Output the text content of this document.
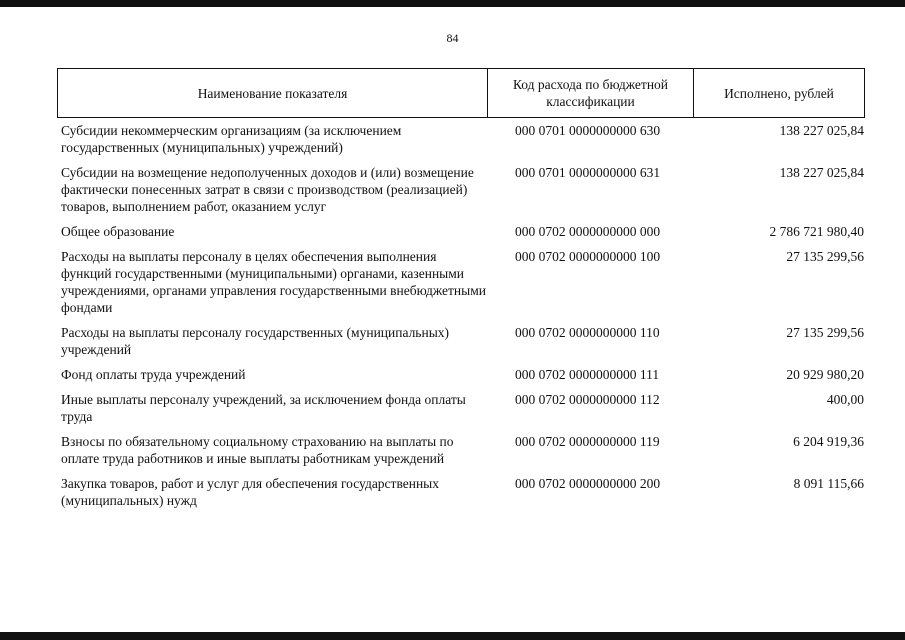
84
Наименование показателя
Код расхода по бюджетной классификации
Исполнено, рублей
Субсидии некоммерческим организациям (за исключением государственных (муниципальных) учреждений)
000 0701 0000000000 630	138 227 025,84
Субсидии на возмещение недополученных доходов и (или) возмещение фактически понесенных затрат в связи с производством (реализацией) товаров, выполнением работ, оказанием услуг
000 0701 0000000000 631	138 227 025,84
Общее образование	000 0702 0000000000 000	2 786 721 980,40
Расходы на выплаты персоналу в целях обеспечения выполнения функций государственными (муниципальными) органами, казенными учреждениями, органами управления государственными внебюджетными фондами
000 0702 0000000000 100	27 135 299,56
Расходы на выплаты персоналу государственных (муниципальных) учреждений
000 0702 0000000000 110	27 135 299,56
Фонд оплаты труда учреждений	000 0702 0000000000 111	20 929 980,20
Иные выплаты персоналу учреждений, за исключением фонда оплаты труда
000 0702 0000000000 112	400,00
Взносы по обязательному социальному страхованию на выплаты по оплате труда работников и иные выплаты работникам учреждений
000 0702 0000000000 119	6 204 919,36
Закупка товаров, работ и услуг для обеспечения государственных (муниципальных) нужд
000 0702 0000000000 200	8 091 115,66
